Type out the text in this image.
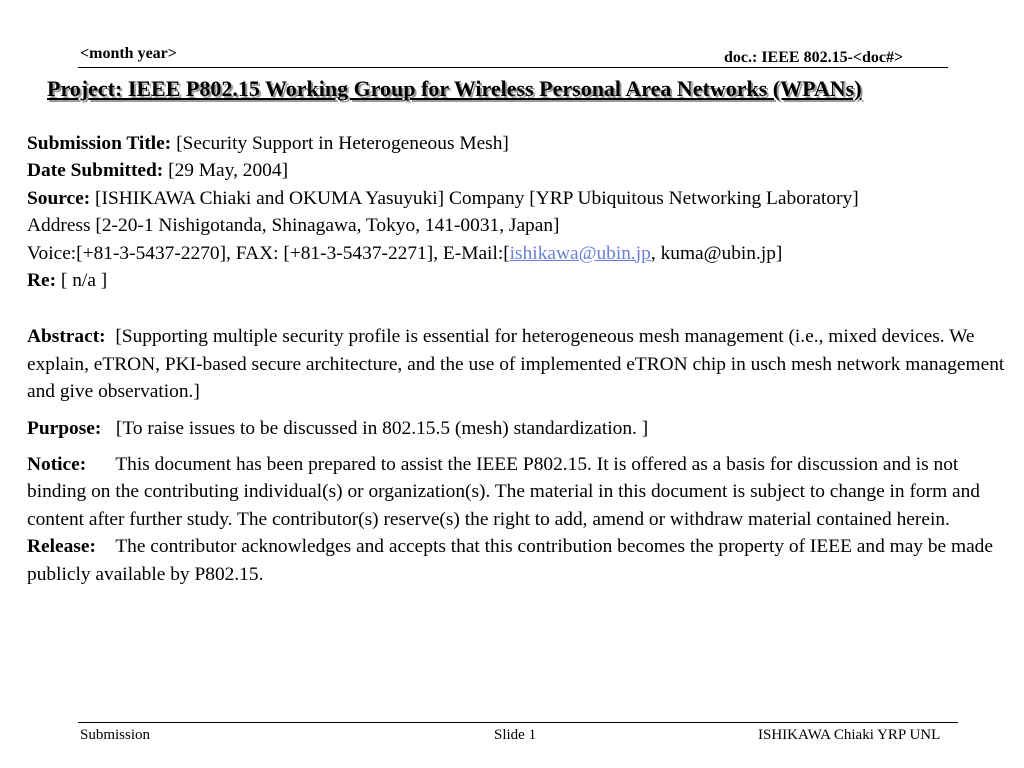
<month year>	doc.: IEEE 802.15-<doc#>
Project: IEEE P802.15 Working Group for Wireless Personal Area Networks (WPANs)
Submission Title: [Security Support in Heterogeneous Mesh]
Date Submitted: [29 May, 2004]
Source: [ISHIKAWA Chiaki and OKUMA Yasuyuki] Company [YRP Ubiquitous Networking Laboratory]
Address [2-20-1 Nishigotanda, Shinagawa, Tokyo, 141-0031, Japan]
Voice:[+81-3-5437-2270], FAX: [+81-3-5437-2271], E-Mail:[ishikawa@ubin.jp, kuma@ubin.jp]
Re: [ n/a ]

Abstract: [Supporting multiple security profile is essential for heterogeneous mesh management (i.e., mixed devices. We explain, eTRON, PKI-based secure architecture, and the use of implemented eTRON chip in usch mesh network management and give observation.]

Purpose: [To raise issues to be discussed in 802.15.5 (mesh) standardization. ]

Notice: This document has been prepared to assist the IEEE P802.15. It is offered as a basis for discussion and is not binding on the contributing individual(s) or organization(s). The material in this document is subject to change in form and content after further study. The contributor(s) reserve(s) the right to add, amend or withdraw material contained herein.

Release: The contributor acknowledges and accepts that this contribution becomes the property of IEEE and may be made publicly available by P802.15.

Submission	Slide 1	ISHIKAWA Chiaki YRP UNL
